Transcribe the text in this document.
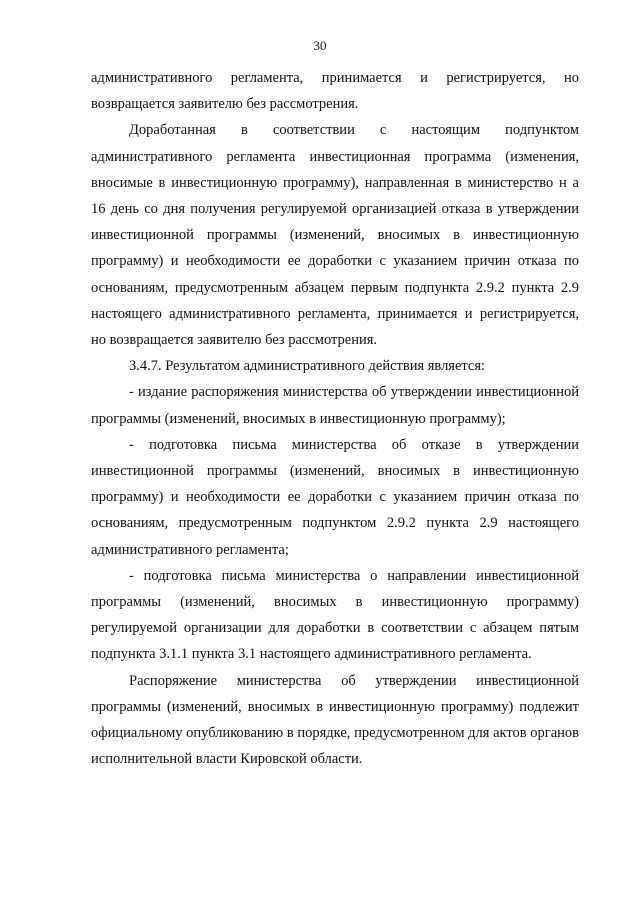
30

административного регламента, принимается и регистрируется, но возвращается заявителю без рассмотрения.

Доработанная в соответствии с настоящим подпунктом административного регламента инвестиционная программа (изменения, вносимые в инвестиционную программу), направленная в министерство н а 16 день со дня получения регулируемой организацией отказа в утверждении инвестиционной программы (изменений, вносимых в инвестиционную программу) и необходимости ее доработки с указанием причин отказа по основаниям, предусмотренным абзацем первым подпункта 2.9.2 пункта 2.9 настоящего административного регламента, принимается и регистрируется, но возвращается заявителю без рассмотрения.

3.4.7. Результатом административного действия является:

- издание распоряжения министерства об утверждении инвестиционной программы (изменений, вносимых в инвестиционную программу);

- подготовка письма министерства об отказе в утверждении инвестиционной программы (изменений, вносимых в инвестиционную программу) и необходимости ее доработки с указанием причин отказа по основаниям, предусмотренным подпунктом 2.9.2 пункта 2.9 настоящего административного регламента;

- подготовка письма министерства о направлении инвестиционной программы (изменений, вносимых в инвестиционную программу) регулируемой организации для доработки в соответствии с абзацем пятым подпункта 3.1.1 пункта 3.1 настоящего административного регламента.

Распоряжение министерства об утверждении инвестиционной программы (изменений, вносимых в инвестиционную программу) подлежит официальному опубликованию в порядке, предусмотренном для актов органов исполнительной власти Кировской области.
